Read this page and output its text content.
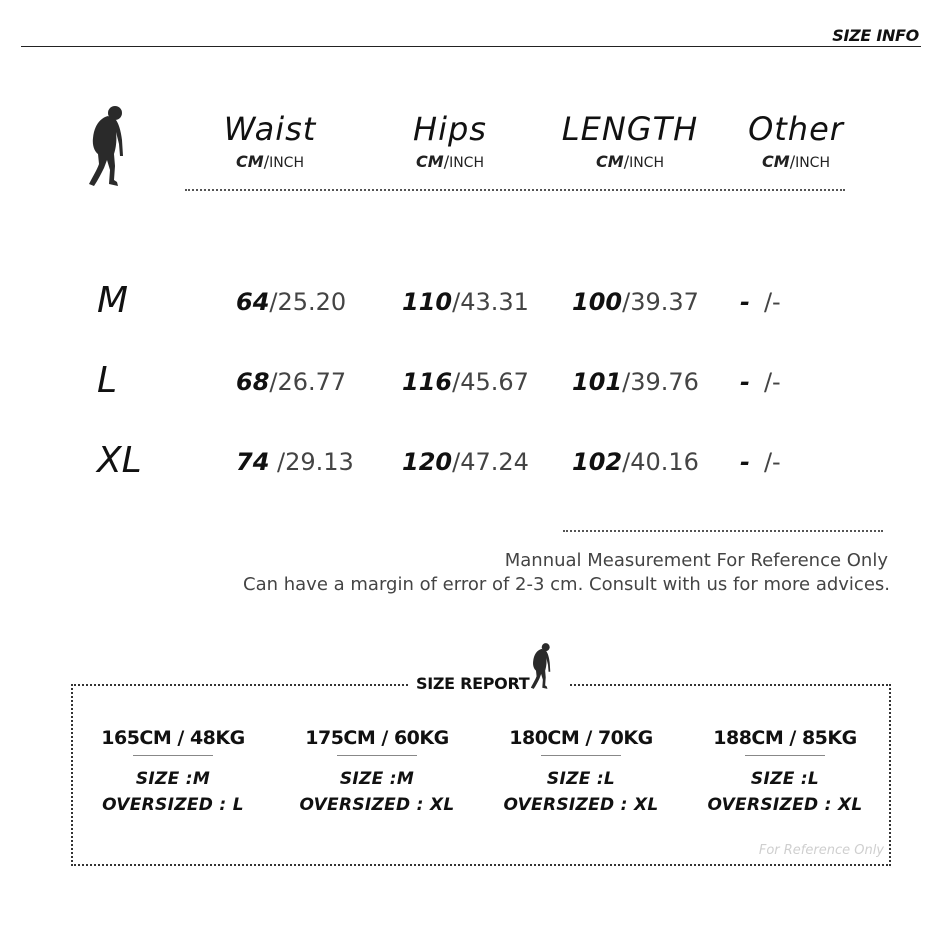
SIZE INFO
Waist
CM/INCH
Hips
CM/INCH
LENGTH
CM/INCH
Other
CM/INCH
M	64/25.20 110/43.31 100/39.37 - /-
L	68/26.77 116/45.67 101/39.76 - /-
XL	74 /29.13 120/47.24 102/40.16 - /-
Mannual Measurement For Reference Only
Can have a margin of error of 2-3 cm. Consult with us for more advices.
SIZE REPORT
165CM / 48KG
SIZE :M
OVERSIZED : L
175CM / 60KG
SIZE :M
OVERSIZED : XL
180CM / 70KG
SIZE :L
OVERSIZED : XL
188CM / 85KG
SIZE :L
OVERSIZED : XL
For Reference Only
